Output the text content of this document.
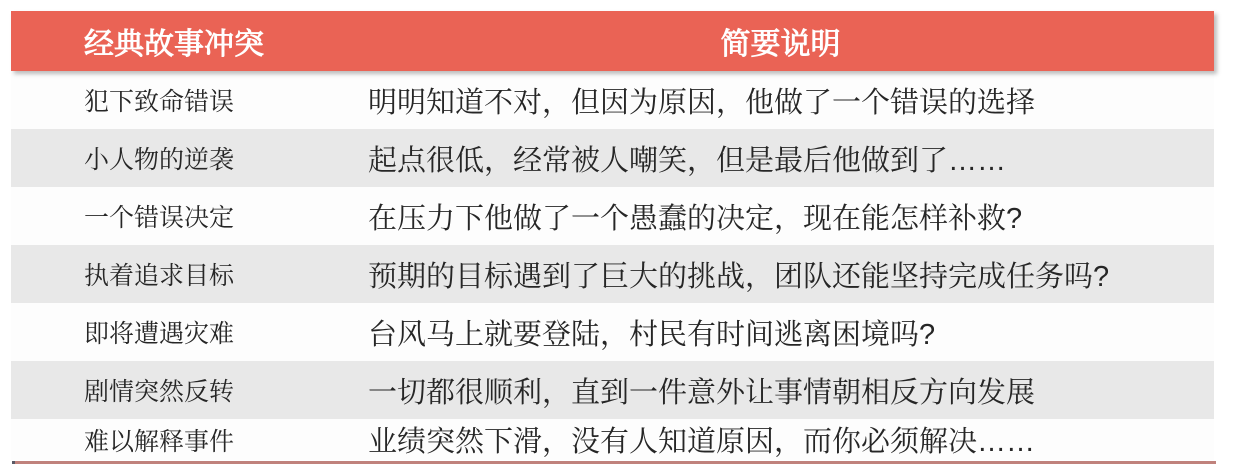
经典故事冲突	简要说明
犯下致命错误	明明知道不对，但因为原因，他做了一个错误的选择
小人物的逆袭	起点很低，经常被人嘲笑，但是最后他做到了……
一个错误决定	在压力下他做了一个愚蠢的决定，现在能怎样补救?
执着追求目标	预期的目标遇到了巨大的挑战，团队还能坚持完成任务吗?
即将遭遇灾难	台风马上就要登陆，村民有时间逃离困境吗?
剧情突然反转	一切都很顺利，直到一件意外让事情朝相反方向发展
难以解释事件	业绩突然下滑，没有人知道原因，而你必须解决……
